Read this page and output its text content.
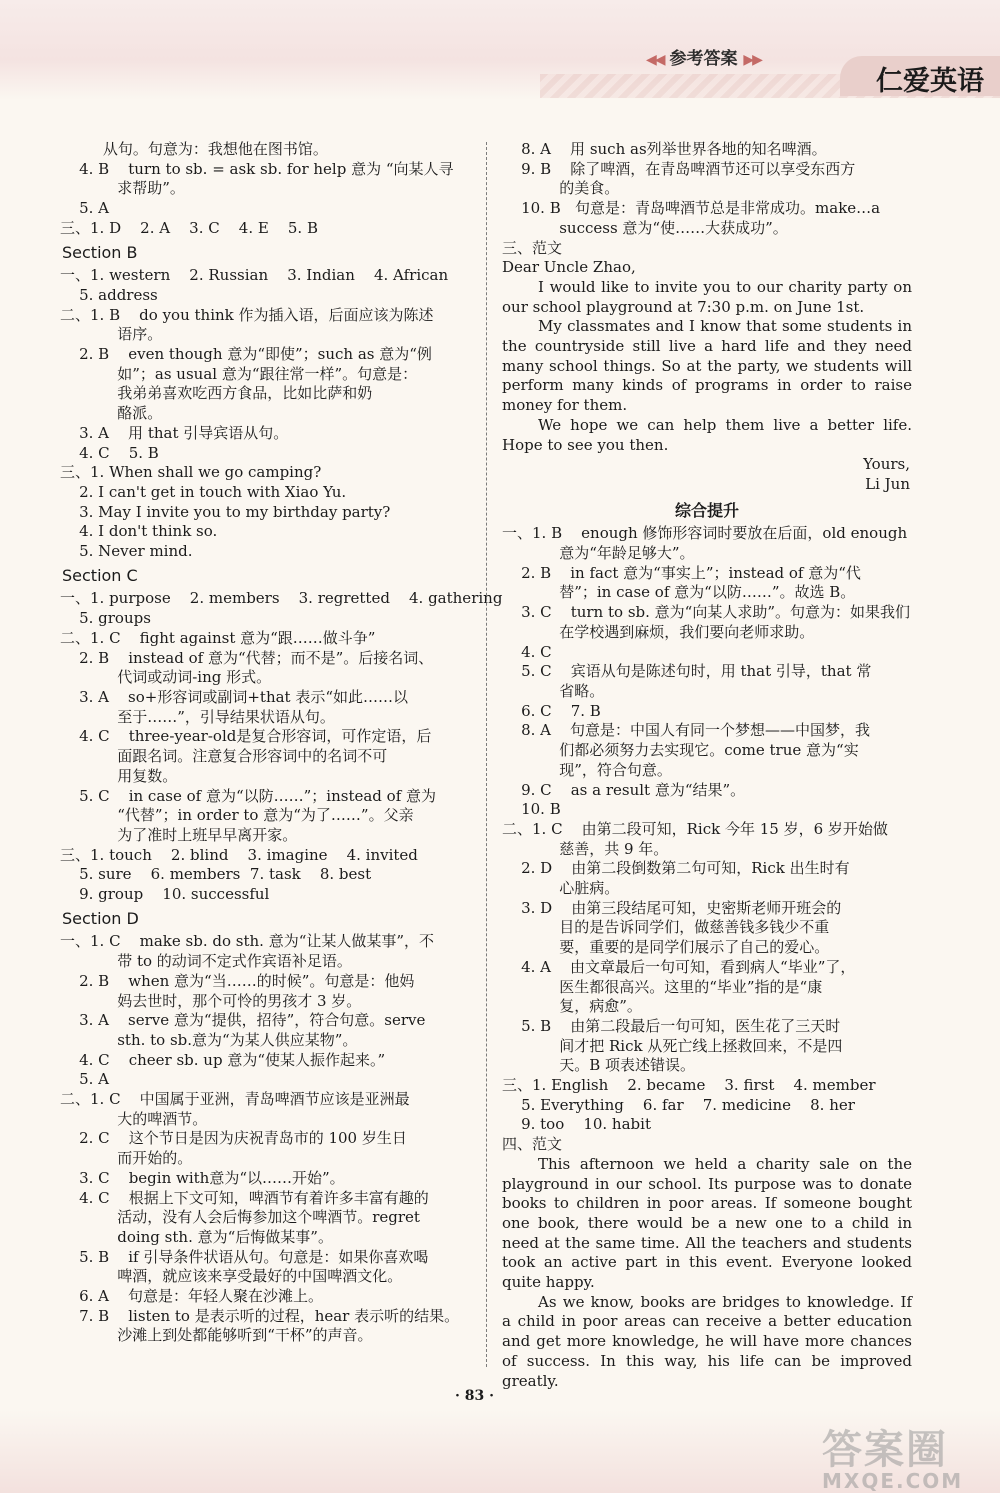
◀◀ 参考答案 ▶▶
仁爱英语
从句。句意为：我想他在图书馆。
4. B    turn to sb. = ask sb. for help 意为 “向某人寻
求帮助”。
5. A
三、1. D    2. A    3. C    4. E    5. B
Section B
一、1. western    2. Russian    3. Indian    4. African
5. address
二、1. B    do you think 作为插入语，后面应该为陈述
语序。
2. B    even though 意为“即使”；such as 意为“例
如”；as usual 意为“跟往常一样”。句意是：
我弟弟喜欢吃西方食品，比如比萨和奶
酪派。
3. A    用 that 引导宾语从句。
4. C    5. B
三、1. When shall we go camping?
2. I can't get in touch with Xiao Yu.
3. May I invite you to my birthday party?
4. I don't think so.
5. Never mind.
Section C
一、1. purpose    2. members    3. regretted    4. gathering
5. groups
二、1. C    fight against 意为“跟……做斗争”
2. B    instead of 意为“代替；而不是”。后接名词、
代词或动词-ing 形式。
3. A    so+形容词或副词+that 表示“如此……以
至于……”，引导结果状语从句。
4. C    three-year-old是复合形容词，可作定语，后
面跟名词。注意复合形容词中的名词不可
用复数。
5. C    in case of 意为“以防……”；instead of 意为
“代替”；in order to 意为“为了……”。父亲
为了准时上班早早离开家。
三、1. touch    2. blind    3. imagine    4. invited
5. sure    6. members  7. task    8. best
9. group    10. successful
Section D
一、1. C    make sb. do sth. 意为“让某人做某事”，不
带 to 的动词不定式作宾语补足语。
2. B    when 意为“当……的时候”。句意是：他妈
妈去世时，那个可怜的男孩才 3 岁。
3. A    serve 意为“提供，招待”，符合句意。serve
sth. to sb.意为“为某人供应某物”。
4. C    cheer sb. up 意为“使某人振作起来。”
5. A
二、1. C    中国属于亚洲，青岛啤酒节应该是亚洲最
大的啤酒节。
2. C    这个节日是因为庆祝青岛市的 100 岁生日
而开始的。
3. C    begin with意为“以……开始”。
4. C    根据上下文可知，啤酒节有着许多丰富有趣的
活动，没有人会后悔参加这个啤酒节。regret
doing sth. 意为“后悔做某事”。
5. B    if 引导条件状语从句。句意是：如果你喜欢喝
啤酒，就应该来享受最好的中国啤酒文化。
6. A    句意是：年轻人聚在沙滩上。
7. B    listen to 是表示听的过程，hear 表示听的结果。
沙滩上到处都能够听到“干杯”的声音。
8. A    用 such as列举世界各地的知名啤酒。
9. B    除了啤酒，在青岛啤酒节还可以享受东西方
的美食。
10. B   句意是：青岛啤酒节总是非常成功。make…a
success 意为“使……大获成功”。
三、范文
Dear Uncle Zhao,
I would like to invite you to our charity party on our school playground at 7:30 p.m. on June 1st.
My classmates and I know that some students in the countryside still live a hard life and they need many school things. So at the party, we students will perform many kinds of programs in order to raise money for them.
We hope we can help them live a better life. Hope to see you then.
Yours,
Li Jun
综合提升
一、1. B    enough 修饰形容词时要放在后面，old enough
意为“年龄足够大”。
2. B    in fact 意为“事实上”；instead of 意为“代
替”；in case of 意为“以防……”。故选 B。
3. C    turn to sb. 意为“向某人求助”。句意为：如果我们
在学校遇到麻烦，我们要向老师求助。
4. C
5. C    宾语从句是陈述句时，用 that 引导，that 常
省略。
6. C    7. B
8. A    句意是：中国人有同一个梦想——中国梦，我
们都必须努力去实现它。come true 意为“实
现”，符合句意。
9. C    as a result 意为“结果”。
10. B
二、1. C    由第二段可知，Rick 今年 15 岁，6 岁开始做
慈善，共 9 年。
2. D    由第二段倒数第二句可知，Rick 出生时有
心脏病。
3. D    由第三段结尾可知，史密斯老师开班会的
目的是告诉同学们，做慈善钱多钱少不重
要，重要的是同学们展示了自己的爱心。
4. A    由文章最后一句可知，看到病人“毕业”了，
医生都很高兴。这里的“毕业”指的是“康
复，病愈”。
5. B    由第二段最后一句可知，医生花了三天时
间才把 Rick 从死亡线上拯救回来，不是四
天。B 项表述错误。
三、1. English    2. became    3. first    4. member
5. Everything    6. far    7. medicine    8. her
9. too    10. habit
四、范文
This afternoon we held a charity sale on the playground in our school. Its purpose was to donate books to children in poor areas. If someone bought one book, there would be a new one to a child in need at the same time. All the teachers and students took an active part in this event. Everyone looked quite happy.
As we know, books are bridges to knowledge. If a child in poor areas can receive a better education and get more knowledge, he will have more chances of success. In this way, his life can be improved greatly.
· 83 ·
答案圈
MXQE.COM
